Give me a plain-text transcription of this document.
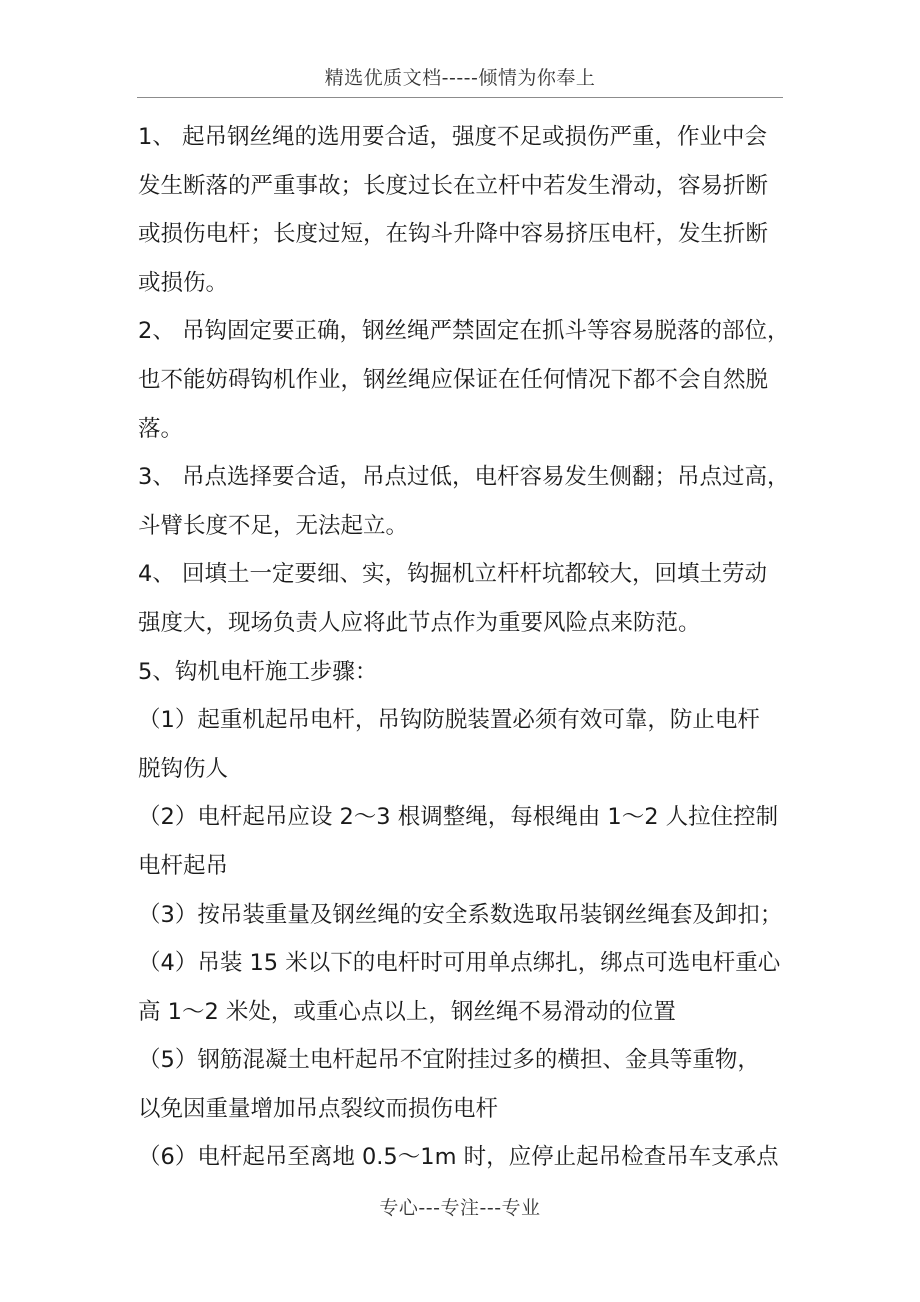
精选优质文档-----倾情为你奉上

1、 起吊钢丝绳的选用要合适，强度不足或损伤严重，作业中会
发生断落的严重事故；长度过长在立杆中若发生滑动，容易折断
或损伤电杆；长度过短，在钩斗升降中容易挤压电杆，发生折断
或损伤。

2、 吊钩固定要正确，钢丝绳严禁固定在抓斗等容易脱落的部位，
也不能妨碍钩机作业，钢丝绳应保证在任何情况下都不会自然脱
落。

3、 吊点选择要合适，吊点过低，电杆容易发生侧翻；吊点过高，
斗臂长度不足，无法起立。

4、 回填土一定要细、实，钩掘机立杆杆坑都较大，回填土劳动
强度大，现场负责人应将此节点作为重要风险点来防范。

5、钩机电杆施工步骤：

（1）起重机起吊电杆，吊钩防脱装置必须有效可靠，防止电杆
脱钩伤人

（2）电杆起吊应设 2～3 根调整绳，每根绳由 1～2 人拉住控制
电杆起吊

（3）按吊装重量及钢丝绳的安全系数选取吊装钢丝绳套及卸扣；

（4）吊装 15 米以下的电杆时可用单点绑扎，绑点可选电杆重心
高 1～2 米处，或重心点以上，钢丝绳不易滑动的位置

（5）钢筋混凝土电杆起吊不宜附挂过多的横担、金具等重物，
以免因重量增加吊点裂纹而损伤电杆

（6）电杆起吊至离地 0.5～1m 时，应停止起吊检查吊车支承点

专心---专注---专业
